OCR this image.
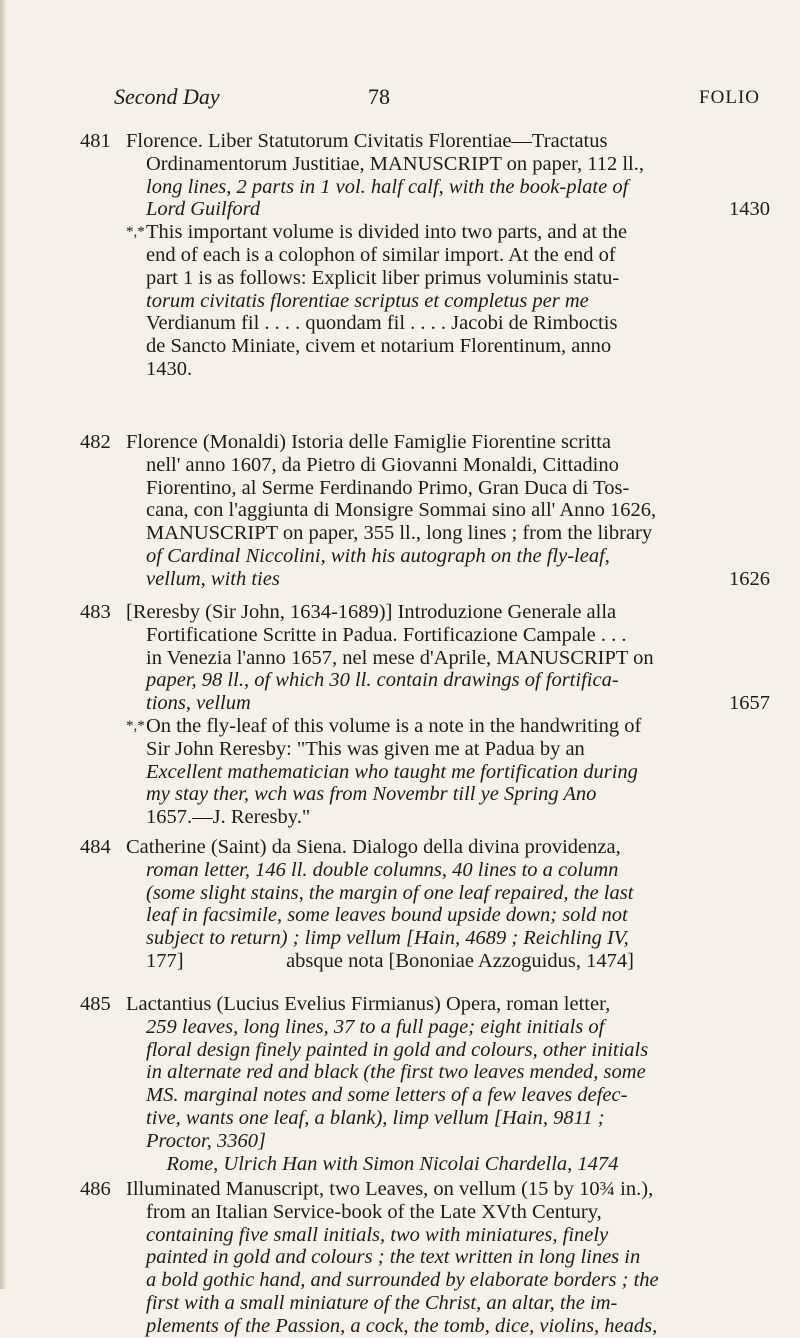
Second Day	78	FOLIO
481 Florence. Liber Statutorum Civitatis Florentiae—Tractatus
Ordinamentorum Justitiae, MANUSCRIPT on paper, 112 ll.,
long lines, 2 parts in 1 vol. half calf, with the book-plate of
Lord Guilford	1430
*,*This important volume is divided into two parts, and at the
end of each is a colophon of similar import. At the end of
part 1 is as follows: Explicit liber primus voluminis statu-
torum civitatis florentiae scriptus et completus per me
Verdianum fil . . . . quondam fil . . . . Jacobi de Rimboctis
de Sancto Miniate, civem et notarium Florentinum, anno
1430.
482 Florence (Monaldi) Istoria delle Famiglie Fiorentine scritta
nell' anno 1607, da Pietro di Giovanni Monaldi, Cittadino
Fiorentino, al Serme Ferdinando Primo, Gran Duca di Tos-
cana, con l'aggiunta di Monsigre Sommai sino all' Anno 1626,
MANUSCRIPT on paper, 355 ll., long lines ; from the library
of Cardinal Niccolini, with his autograph on the fly-leaf,
vellum, with ties	1626
483 [Reresby (Sir John, 1634-1689)] Introduzione Generale alla
Fortificatione Scritte in Padua. Fortificazione Campale . . .
in Venezia l'anno 1657, nel mese d'Aprile, MANUSCRIPT on
paper, 98 ll., of which 30 ll. contain drawings of fortifica-
tions, vellum	1657
*,*On the fly-leaf of this volume is a note in the handwriting of
Sir John Reresby: "This was given me at Padua by an
Excellent mathematician who taught me fortification during
my stay ther, wch was from Novembr till ye Spring Ano
1657.—J. Reresby."
484 Catherine (Saint) da Siena. Dialogo della divina providenza,
roman letter, 146 ll. double columns, 40 lines to a column
(some slight stains, the margin of one leaf repaired, the last
leaf in facsimile, some leaves bound upside down; sold not
subject to return) ; limp vellum [Hain, 4689 ; Reichling IV,
177]                    absque nota [Bononiae Azzoguidus, 1474]
485 Lactantius (Lucius Evelius Firmianus) Opera, roman letter,
259 leaves, long lines, 37 to a full page; eight initials of
floral design finely painted in gold and colours, other initials
in alternate red and black (the first two leaves mended, some
MS. marginal notes and some letters of a few leaves defec-
tive, wants one leaf, a blank), limp vellum [Hain, 9811 ;
Proctor, 3360]
Rome, Ulrich Han with Simon Nicolai Chardella, 1474
486 Illuminated Manuscript, two Leaves, on vellum (15 by 10¾ in.),
from an Italian Service-book of the Late XVth Century,
containing five small initials, two with miniatures, finely
painted in gold and colours ; the text written in long lines in
a bold gothic hand, and surrounded by elaborate borders ; the
first with a small miniature of the Christ, an altar, the im-
plements of the Passion, a cock, the tomb, dice, violins, heads,
